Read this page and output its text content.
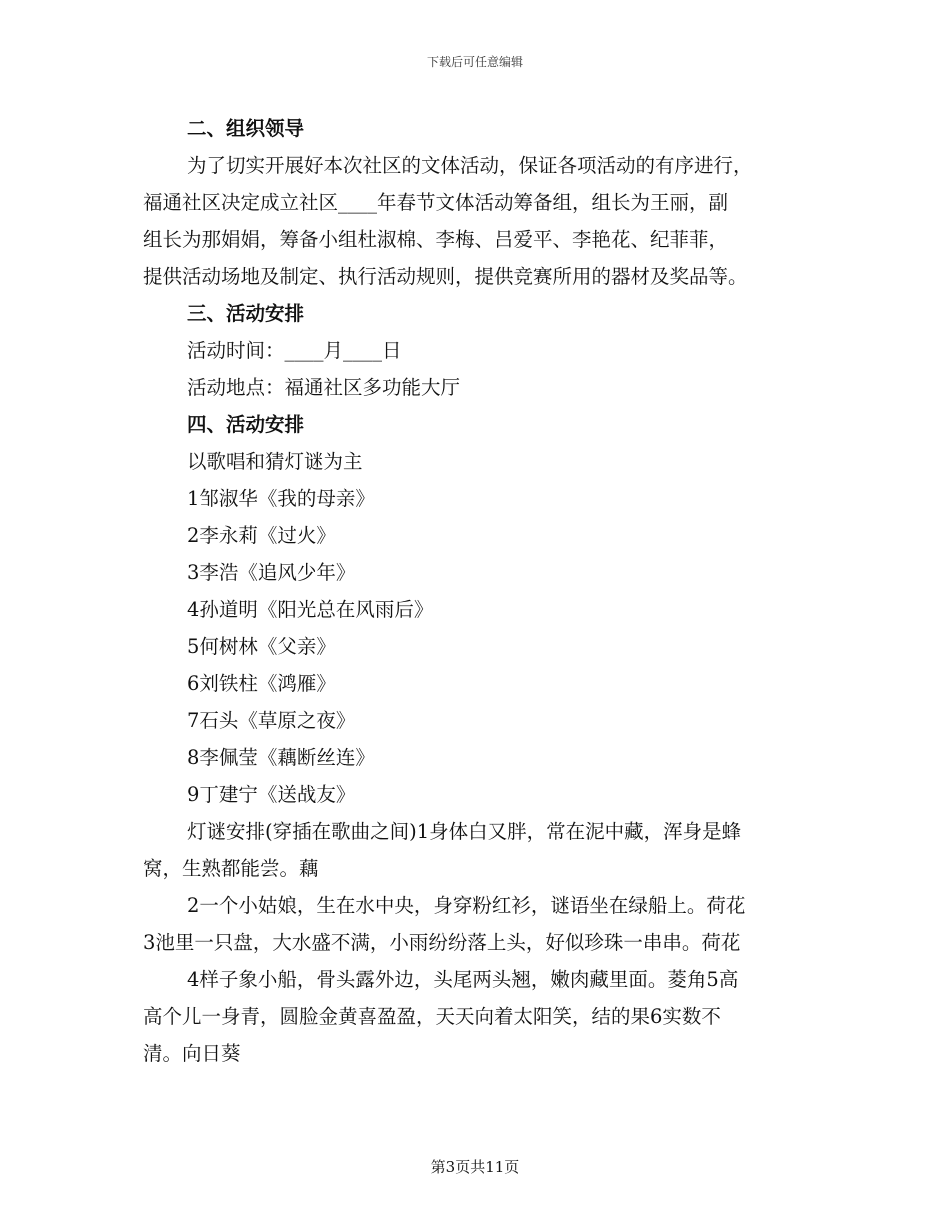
下载后可任意编辑
二、组织领导
为了切实开展好本次社区的文体活动，保证各项活动的有序进行，
福通社区决定成立社区____年春节文体活动筹备组，组长为王丽，副
组长为那娟娟，筹备小组杜淑棉、李梅、吕爱平、李艳花、纪菲菲，
提供活动场地及制定、执行活动规则，提供竞赛所用的器材及奖品等。
三、活动安排
活动时间：____月____日
活动地点：福通社区多功能大厅
四、活动安排
以歌唱和猜灯谜为主
1邹淑华《我的母亲》
2李永莉《过火》
3李浩《追风少年》
4孙道明《阳光总在风雨后》
5何树林《父亲》
6刘铁柱《鸿雁》
7石头《草原之夜》
8李佩莹《藕断丝连》
9丁建宁《送战友》
灯谜安排(穿插在歌曲之间)1身体白又胖，常在泥中藏，浑身是蜂
窝，生熟都能尝。藕
2一个小姑娘，生在水中央，身穿粉红衫，谜语坐在绿船上。荷花
3池里一只盘，大水盛不满，小雨纷纷落上头，好似珍珠一串串。荷花
4样子象小船，骨头露外边，头尾两头翘，嫩肉藏里面。菱角5高
高个儿一身青，圆脸金黄喜盈盈，天天向着太阳笑，结的果6实数不
清。向日葵
第3页共11页
